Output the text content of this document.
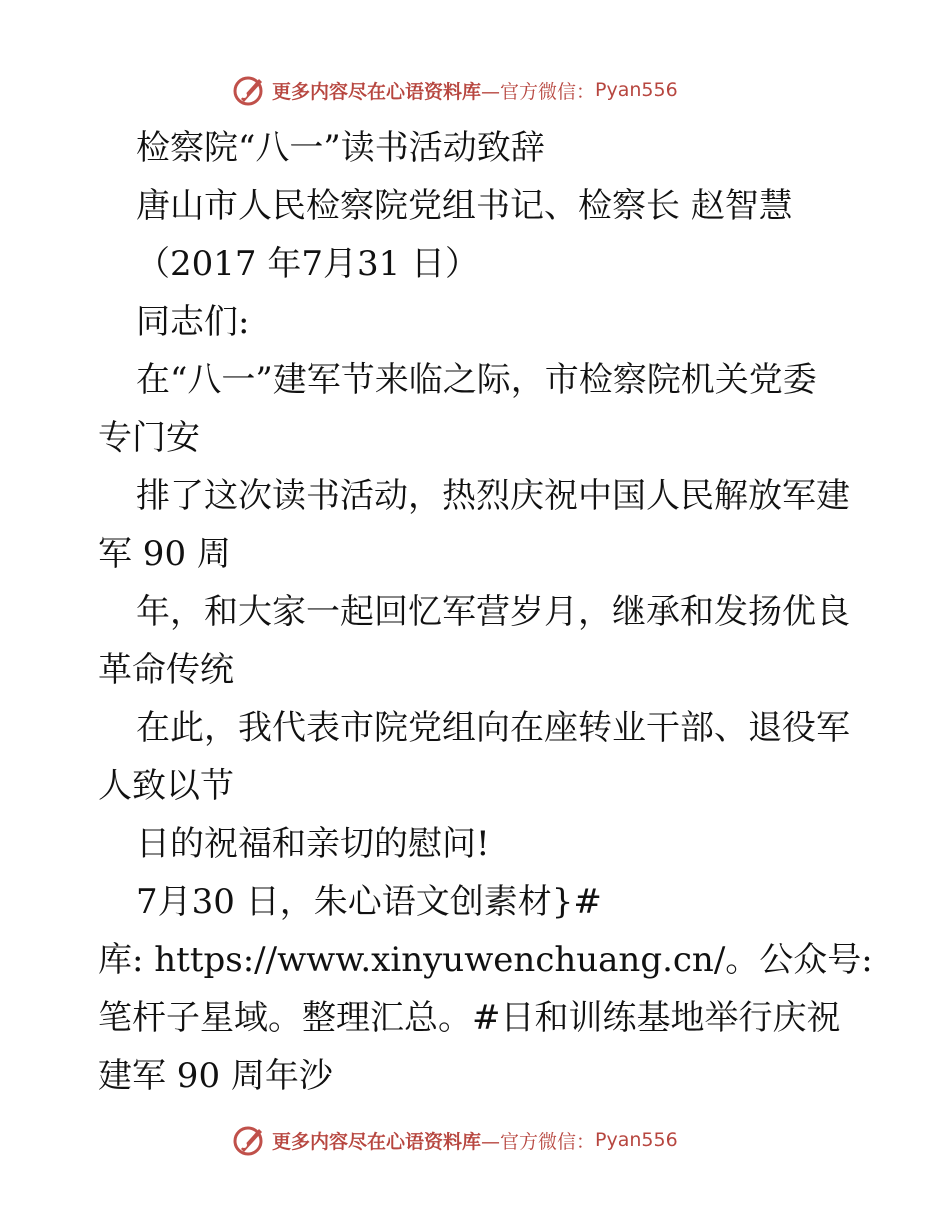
更多内容尽在心语资料库 —官方微信： Pyan556
检察院“八一”读书活动致辞
唐山市人民检察院党组书记、检察长 赵智慧
（2017 年7月31 日）
同志们:
在“八一”建军节来临之际，市检察院机关党委
专门安
排了这次读书活动，热烈庆祝中国人民解放军建
军 90 周
年，和大家一起回忆军营岁月，继承和发扬优良
革命传统
在此，我代表市院党组向在座转业干部、退役军
人致以节
日的祝福和亲切的慰问!
7月30 日，朱心语文创素材}#
库: https://www.xinyuwenchuang.cn/。公众号:
笔杆子星域。整理汇总。#日和训练基地举行庆祝
建军 90 周年沙
更多内容尽在心语资料库 —官方微信： Pyan556
